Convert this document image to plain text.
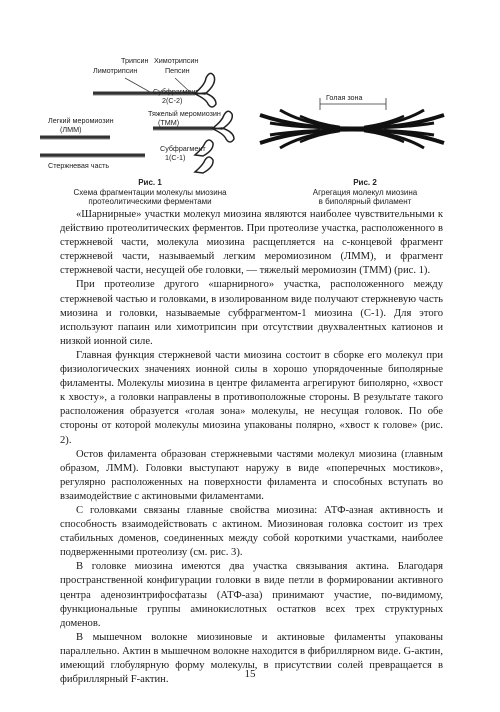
Трипсин
Лимотрипсин
Химотрипсин
Пепсин
Субфрагмент
2(С-2)
Легкий меромиозин
(ЛММ)
Тяжелый меромиозин
(ТММ)
Стержневая часть
Субфрагмент
1(С-1)
Рис. 1
Схема фрагментации молекулы миозина
протеолитическими ферментами
Голая зона
Рис. 2
Агрегация молекул миозина
в биполярный филамент

«Шарнирные» участки молекул миозина являются наиболее чувствительными к действию протеолитических ферментов. При протеолизе участка, расположенного в стержневой части, молекула миозина расщепляется на с-концевой фрагмент стержневой части, называемый легким меромиозином (ЛММ), и фрагмент стержневой части, несущей обе головки, — тяжелый меромиозин (ТММ) (рис. 1).

При протеолизе другого «шарнирного» участка, расположенного между стержневой частью и головками, в изолированном виде получают стержневую часть миозина и головки, называемые субфрагментом-1 миозина (С-1). Для этого используют папаин или химотрипсин при отсутствии двухвалентных катионов и низкой ионной силе.

Главная функция стержневой части миозина состоит в сборке его молекул при физиологических значениях ионной силы в хорошо упорядоченные биполярные филаменты. Молекулы миозина в центре филамента агрегируют биполярно, «хвост к хвосту», а головки направлены в противоположные стороны. В результате такого расположения образуется «голая зона» молекулы, не несущая головок. По обе стороны от которой молекулы миозина упакованы полярно, «хвост к голове» (рис. 2).

Остов филамента образован стержневыми частями молекул миозина (главным образом, ЛММ). Головки выступают наружу в виде «поперечных мостиков», регулярно расположенных на поверхности филамента и способных вступать во взаимодействие с актиновыми филаментами.

С головками связаны главные свойства миозина: АТФ-азная активность и способность взаимодействовать с актином. Миозиновая головка состоит из трех стабильных доменов, соединенных между собой короткими участками, наиболее подверженными протеолизу (см. рис. 3).

В головке миозина имеются два участка связывания актина. Благодаря пространственной конфигурации головки в виде петли в формировании активного центра аденозинтрифосфатазы (АТФ-аза) принимают участие, по-видимому, функциональные группы аминокислотных остатков всех трех структурных доменов.

В мышечном волокне миозиновые и актиновые филаменты упакованы параллельно. Актин в мышечном волокне находится в фибриллярном виде. G-актин, имеющий глобулярную форму молекулы, в присутствии солей превращается в фибриллярный F-актин.	15
